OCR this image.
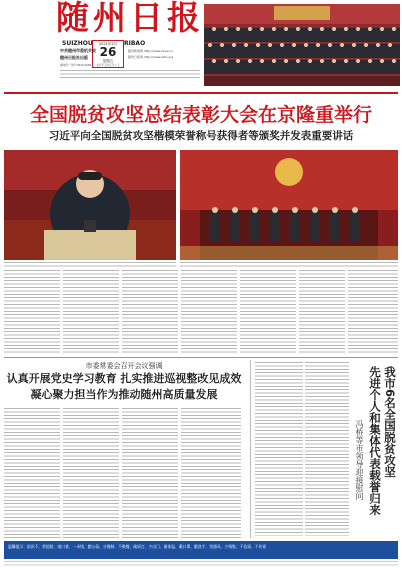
随州日报
SUIZHOU	RIBAO
2021年2月
26
星期五
农历辛丑年正月十五
中共随州市委机关报
随州日报社出版
国内统一刊号:CN42-0036
随州新闻网 http://www.szxw.cn
随州日报网 http://www.szrb.org
全国脱贫攻坚总结表彰大会在京隆重举行
习近平向全国脱贫攻坚楷模荣誉称号获得者等颁奖并发表重要讲话
市委常委会召开会议强调
认真开展党史学习教育 扎实推进巡视整改见成效
凝心聚力担当作为推动随州高质量发展	我市6名全国脱贫攻坚
先进个人和集体代表载誉归来
冯桥等市领导迎接慰问
温馨提示：防汛不、常提防、南口着、一米线、勤公筷、分餐制、不聚餐、破谣言、少出门、量体温、戴口罩、勤洗手、常通风、少聚集、不信谣、不传谣
